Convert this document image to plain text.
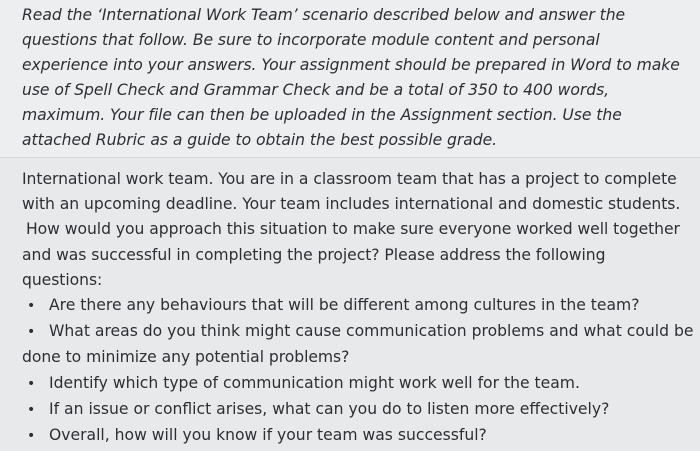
Read the ‘International Work Team’ scenario described below and answer the

questions that follow. Be sure to incorporate module content and personal

experience into your answers. Your assignment should be prepared in Word to make

use of Spell Check and Grammar Check and be a total of 350 to 400 words,

maximum. Your file can then be uploaded in the Assignment section. Use the

attached Rubric as a guide to obtain the best possible grade.

International work team. You are in a classroom team that has a project to complete
with an upcoming deadline. Your team includes international and domestic students.
How would you approach this situation to make sure everyone worked well together
and was successful in completing the project? Please address the following
questions:
• Are there any behaviours that will be different among cultures in the team?
• What areas do you think might cause communication problems and what could be
done to minimize any potential problems?
• Identify which type of communication might work well for the team.
• If an issue or conflict arises, what can you do to listen more effectively?
• Overall, how will you know if your team was successful?
